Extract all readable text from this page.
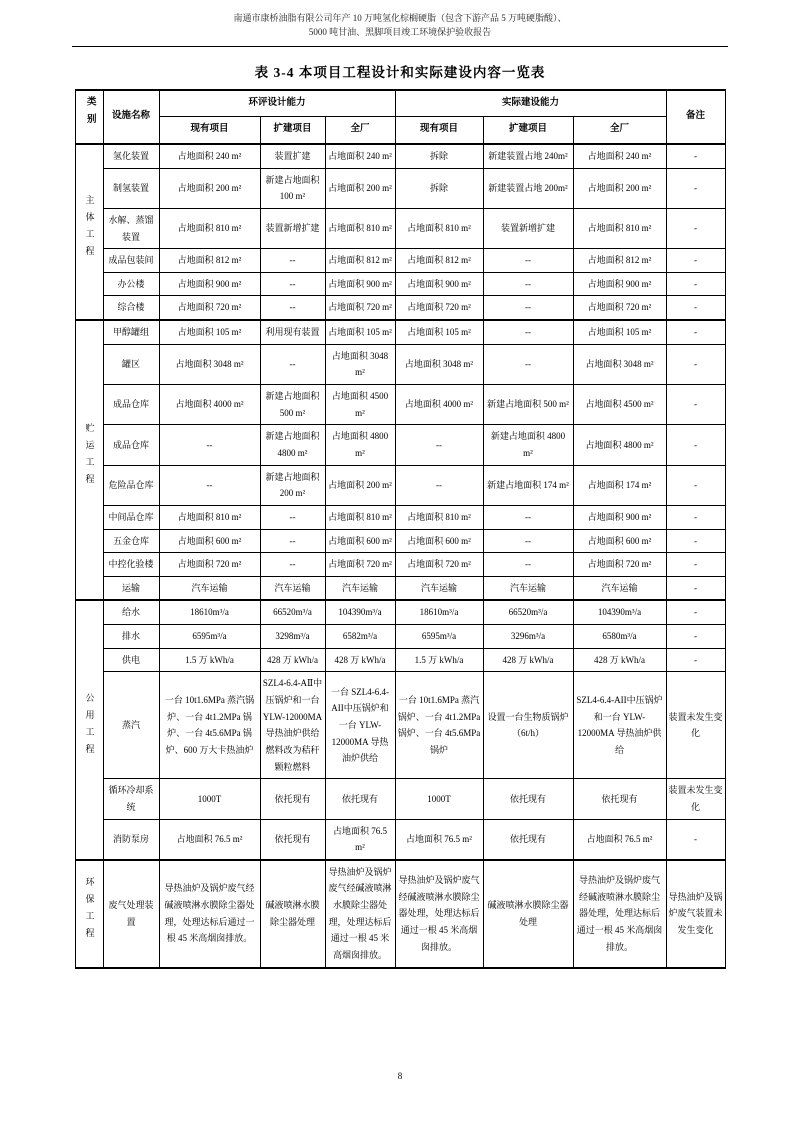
南通市康桥油脂有限公司年产 10 万吨氢化棕榈硬脂（包含下游产品 5 万吨硬脂酸）、
5000 吨甘油、黑脚项目竣工环境保护验收报告
表 3-4 本项目工程设计和实际建设内容一览表
类别	设施名称	环评设计能力			实际建设能力			备注
		现有项目	扩建项目	全厂	现有项目	扩建项目	全厂	
主体工程	氢化装置	占地面积 240 m²	装置扩建	占地面积 240 m²	拆除	新建装置占地 240m²	占地面积 240 m²	-
	制氢装置	占地面积 200 m²	新建占地面积 100 m²	占地面积 200 m²	拆除	新建装置占地 200m²	占地面积 200 m²	-
	水解、蒸馏装置	占地面积 810 m²	装置新增扩建	占地面积 810 m²	占地面积 810 m²	装置新增扩建	占地面积 810 m²	-
	成品包装间	占地面积 812 m²	--	占地面积 812 m²	占地面积 812 m²	--	占地面积 812 m²	-
	办公楼	占地面积 900 m²	--	占地面积 900 m²	占地面积 900 m²	--	占地面积 900 m²	-
	综合楼	占地面积 720 m²	--	占地面积 720 m²	占地面积 720 m²	--	占地面积 720 m²	-
贮运工程	甲醇罐组	占地面积 105 m²	利用现有装置	占地面积 105 m²	占地面积 105 m²	--	占地面积 105 m²	-
	罐区	占地面积 3048 m²	--	占地面积 3048 m²	占地面积 3048 m²	--	占地面积 3048 m²	-
	成品仓库	占地面积 4000 m²	新建占地面积 500 m²	占地面积 4500 m²	占地面积 4000 m²	新建占地面积 500 m²	占地面积 4500 m²	-
	成品仓库	--	新建占地面积 4800 m²	占地面积 4800 m²	--	新建占地面积 4800 m²	占地面积 4800 m²	-
	危险品仓库	--	新建占地面积 200 m²	占地面积 200 m²	--	新建占地面积 174 m²	占地面积 174 m²	-
	中间品仓库	占地面积 810 m²	--	占地面积 810 m²	占地面积 810 m²	--	占地面积 900 m²	-
	五金仓库	占地面积 600 m²	--	占地面积 600 m²	占地面积 600 m²	--	占地面积 600 m²	-
	中控化验楼	占地面积 720 m²	--	占地面积 720 m²	占地面积 720 m²	--	占地面积 720 m²	-
	运输	汽车运输	汽车运输	汽车运输	汽车运输	汽车运输	汽车运输	-
公用工程	给水	18610m³/a	66520m³/a	104390m³/a	18610m³/a	66520m³/a	104390m³/a	-
	排水	6595m³/a	3298m³/a	6582m³/a	6595m³/a	3296m³/a	6580m³/a	-
	供电	1.5 万 kWh/a	428 万 kWh/a	428 万 kWh/a	1.5 万 kWh/a	428 万 kWh/a	428 万 kWh/a	-
	蒸汽	一台 10t1.6MPa 蒸汽锅炉、一台 4t1.2MPa 锅炉、一台 4t5.6MPa 锅炉、600 万大卡热油炉	SZL4-6.4-AⅡ中压锅炉和一台 YLW-12000MA 导热油炉供给燃料改为秸秆颗粒燃料	一台 SZL4-6.4-AII中压锅炉和一台 YLW-12000MA 导热油炉供给	一台 10t1.6MPa 蒸汽锅炉、一台 4t1.2MPa 锅炉、一台 4t5.6MPa 锅炉	设置一台生物质锅炉（6t/h）	SZL4-6.4-AII中压锅炉和一台 YLW-12000MA 导热油炉供给	装置未发生变化
	循环冷却系统	1000T	依托现有	依托现有	1000T	依托现有	依托现有	装置未发生变化
	消防泵房	占地面积 76.5 m²	依托现有	占地面积 76.5 m²	占地面积 76.5 m²	依托现有	占地面积 76.5 m²	-
环保工程	废气处理装置	导热油炉及锅炉废气经碱液喷淋水膜除尘器处理，处理达标后通过一根 45 米高烟囱排放。	碱液喷淋水膜除尘器处理	导热油炉及锅炉废气经碱液喷淋水膜除尘器处理，处理达标后通过一根 45 米高烟囱排放。	导热油炉及锅炉废气经碱液喷淋水膜除尘器处理，处理达标后通过一根 45 米高烟囱排放。	碱液喷淋水膜除尘器处理	导热油炉及锅炉废气经碱液喷淋水膜除尘器处理，处理达标后通过一根 45 米高烟囱排放。	导热油炉及锅炉废气装置未发生变化
8
